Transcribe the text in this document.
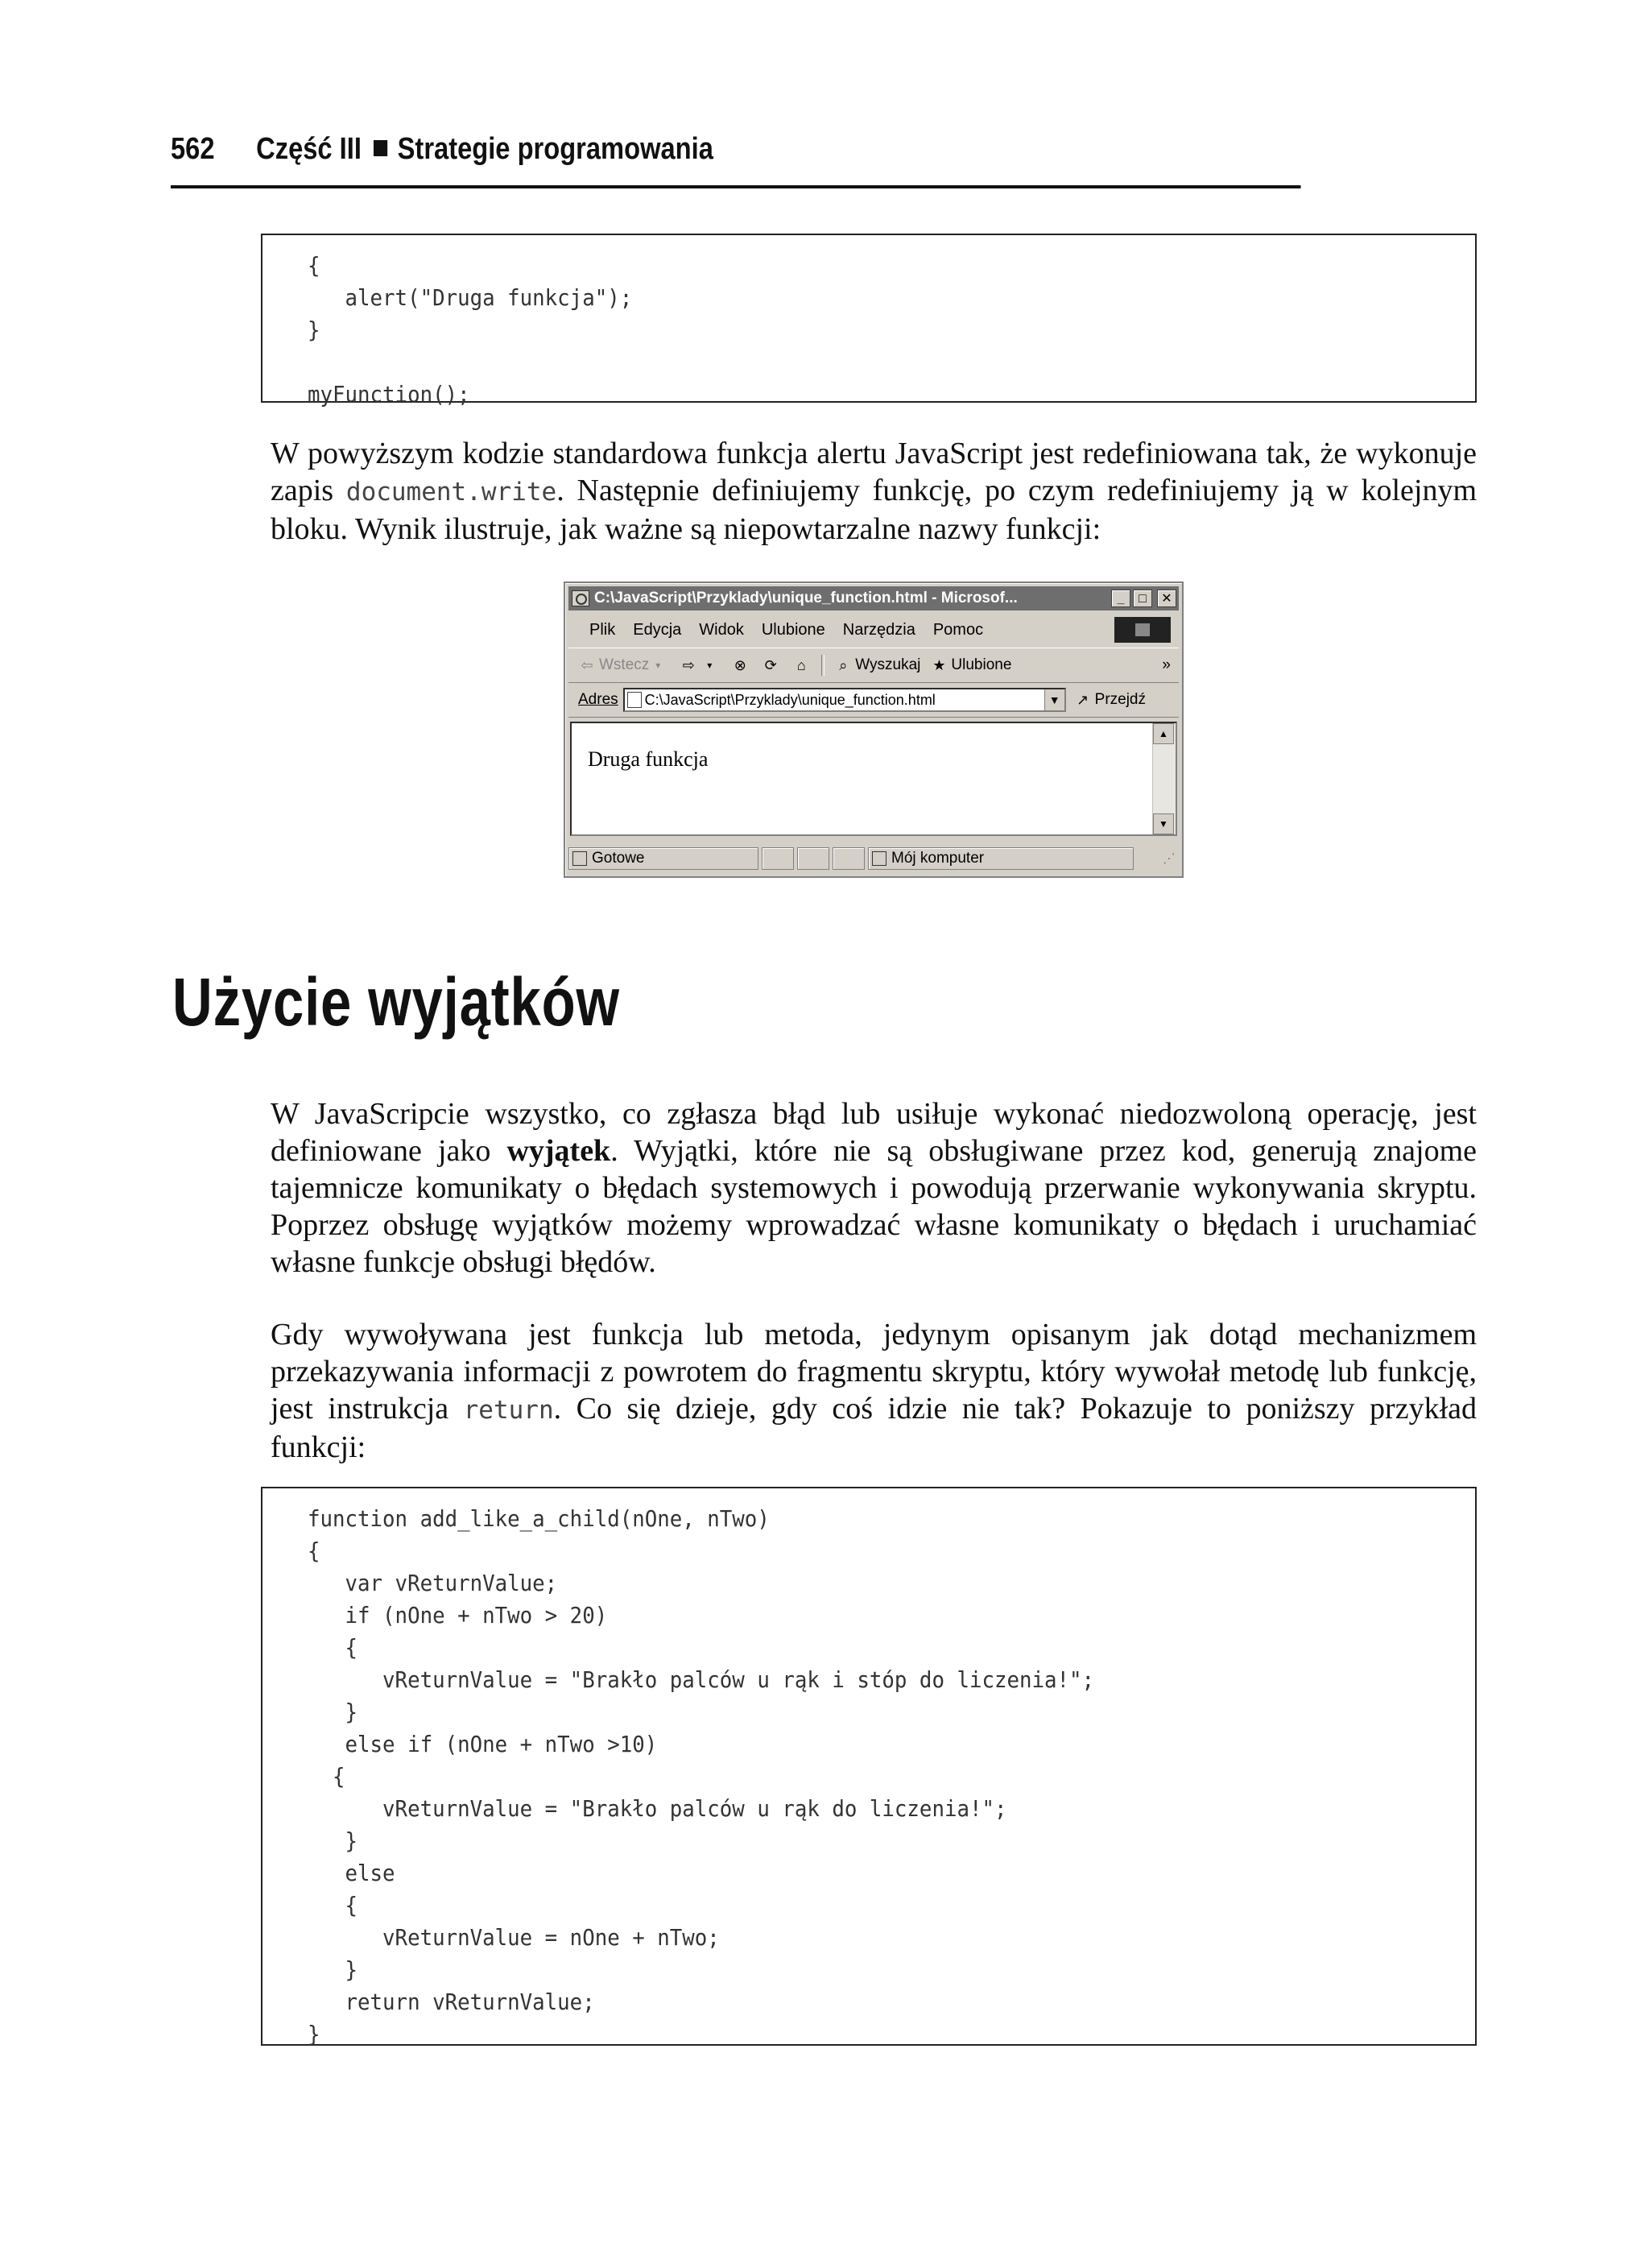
562 Część III Strategie programowania
{
alert("Druga funkcja");
}

myFunction();

W powyższym kodzie standardowa funkcja alertu JavaScript jest redefiniowana tak, że wykonuje zapis document.write. Następnie definiujemy funkcję, po czym redefiniujemy ją w kolejnym bloku. Wynik ilustruje, jak ważne są niepowtarzalne nazwy funkcji:

C:\JavaScript\Przyklady\unique_function.html - Microsof...	_	□	✕
Plik Edycja Widok Ulubione Narzędzia Pomoc
⇦ Wstecz ▾	⇨	▾	⊗ ⟳	⌂	⌕ Wyszukaj ★ Ulubione	»
Adres C:\JavaScript\Przyklady\unique_function.html	▼ ↗ Przejdź
Druga funkcja
▲
▼
Gotowe	Mój komputer	⋰
Użycie wyjątków

W JavaScripcie wszystko, co zgłasza błąd lub usiłuje wykonać niedozwoloną operację, jest definiowane jako wyjątek. Wyjątki, które nie są obsługiwane przez kod, generują znajome tajemnicze komunikaty o błędach systemowych i powodują przerwanie wykonywania skryptu. Poprzez obsługę wyjątków możemy wprowadzać własne komunikaty o błędach i uruchamiać własne funkcje obsługi błędów.

Gdy wywoływana jest funkcja lub metoda, jedynym opisanym jak dotąd mechanizmem przekazywania informacji z powrotem do fragmentu skryptu, który wywołał metodę lub funkcję, jest instrukcja return. Co się dzieje, gdy coś idzie nie tak? Pokazuje to poniższy przykład funkcji:

function add_like_a_child(nOne, nTwo)
{
var vReturnValue;
if (nOne + nTwo > 20)
{
vReturnValue = "Brakło palców u rąk i stóp do liczenia!";
}
else if (nOne + nTwo >10)
{
vReturnValue = "Brakło palców u rąk do liczenia!";
}
else
{
vReturnValue = nOne + nTwo;
}
return vReturnValue;
}
